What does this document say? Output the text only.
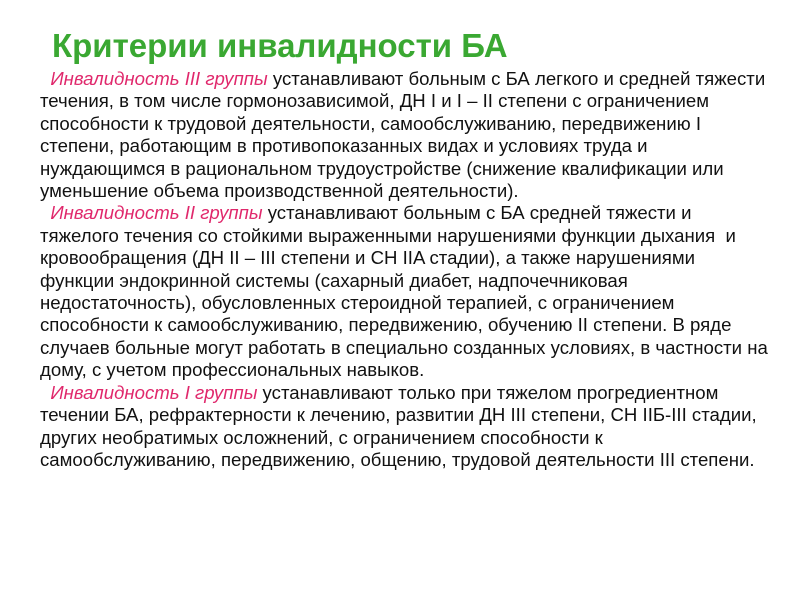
Критерии инвалидности БА

Инвалидность III группы устанавливают больным с БА легкого и средней тяжести течения, в том числе гормонозависимой, ДН I и I – II степени с ограничением способности к трудовой деятельности, самообслуживанию, передвижению I степени, работающим в противопоказанных видах и условиях труда и нуждающимся в рациональном трудоустройстве (снижение квалификации или уменьшение объема производственной деятельности).

Инвалидность II группы устанавливают больным с БА средней тяжести и тяжелого течения со стойкими выраженными нарушениями функции дыхания  и кровообращения (ДН II – III степени и СН IIA стадии), а также нарушениями функции эндокринной системы (сахарный диабет, надпочечниковая недостаточность), обусловленных стероидной терапией, с ограничением способности к самообслуживанию, передвижению, обучению II степени. В ряде случаев больные могут работать в специально созданных условиях, в частности на дому, с учетом профессиональных навыков.

Инвалидность I группы устанавливают только при тяжелом прогредиентном течении БА, рефрактерности к лечению, развитии ДН III степени, СН IIБ-III стадии, других необратимых осложнений, с ограничением способности к самообслуживанию, передвижению, общению, трудовой деятельности III степени.
